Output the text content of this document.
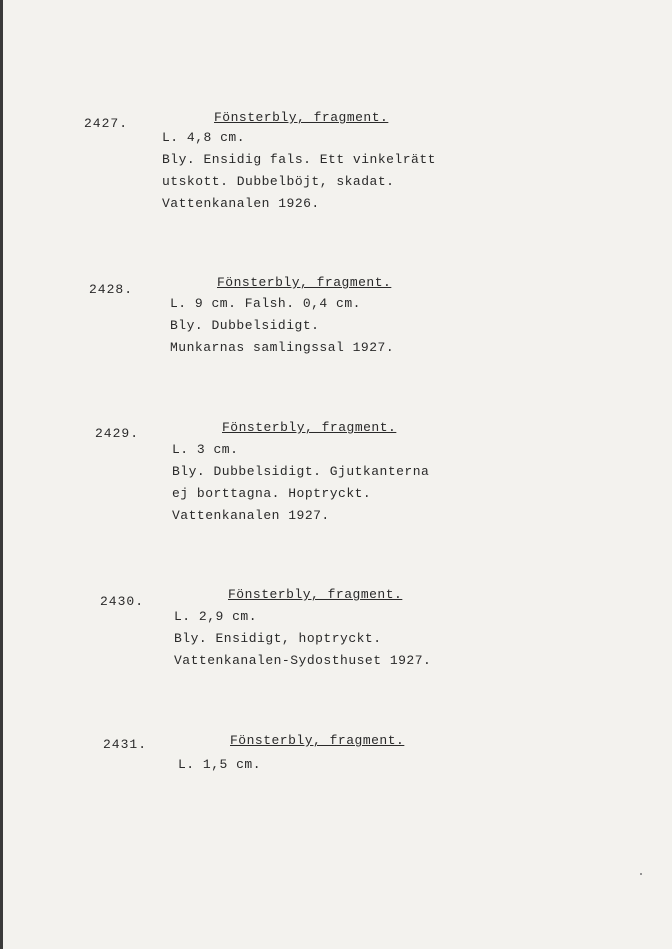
2427.	Fönsterbly, fragment.
L. 4,8 cm.
Bly. Ensidig fals. Ett vinkelrätt
utskott. Dubbelböjt, skadat.
Vattenkanalen 1926.
2428.	Fönsterbly, fragment.
L. 9 cm. Falsh. 0,4 cm.
Bly. Dubbelsidigt.
Munkarnas samlingssal 1927.
2429.	Fönsterbly, fragment.
L. 3 cm.
Bly. Dubbelsidigt. Gjutkanterna
ej borttagna. Hoptryckt.
Vattenkanalen 1927.
2430.	Fönsterbly, fragment.
L. 2,9 cm.
Bly. Ensidigt, hoptryckt.
Vattenkanalen-Sydosthuset 1927.
2431.	Fönsterbly, fragment.
L. 1,5 cm.
